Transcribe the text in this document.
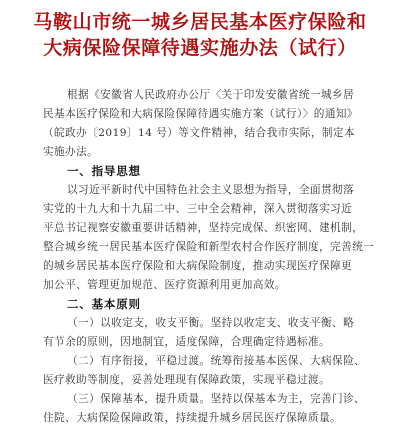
马鞍山市统一城乡居民基本医疗保险和
大病保险保障待遇实施办法（试行）
根据《安徽省人民政府办公厅〈关于印发安徽省统一城乡居
民基本医疗保险和大病保险保障待遇实施方案（试行）〉的通知》
（皖政办〔2019〕14 号）等文件精神，结合我市实际，制定本
实施办法。
一、指导思想
以习近平新时代中国特色社会主义思想为指导，全面贯彻落
实党的十九大和十九届二中、三中全会精神，深入贯彻落实习近
平总书记视察安徽重要讲话精神，坚持完成保、织密网、建机制，
整合城乡统一居民基本医疗保险和新型农村合作医疗制度，完善统一
的城乡居民基本医疗保险和大病保险制度，推动实现医疗保障更
加公平、管理更加规范、医疗资源利用更加高效。
二、基本原则
（一）以收定支，收支平衡。坚持以收定支、收支平衡、略
有节余的原则，因地制宜，适度保障，合理确定待遇标准。
（二）有序衔接，平稳过渡。统筹衔接基本医保、大病保险、
医疗救助等制度，妥善处理现有保障政策，实现平稳过渡。
（三）保障基本，提升质量。坚持以保基本为主，完善门诊、
住院、大病保险保障政策，持续提升城乡居民医疗保障质量。
